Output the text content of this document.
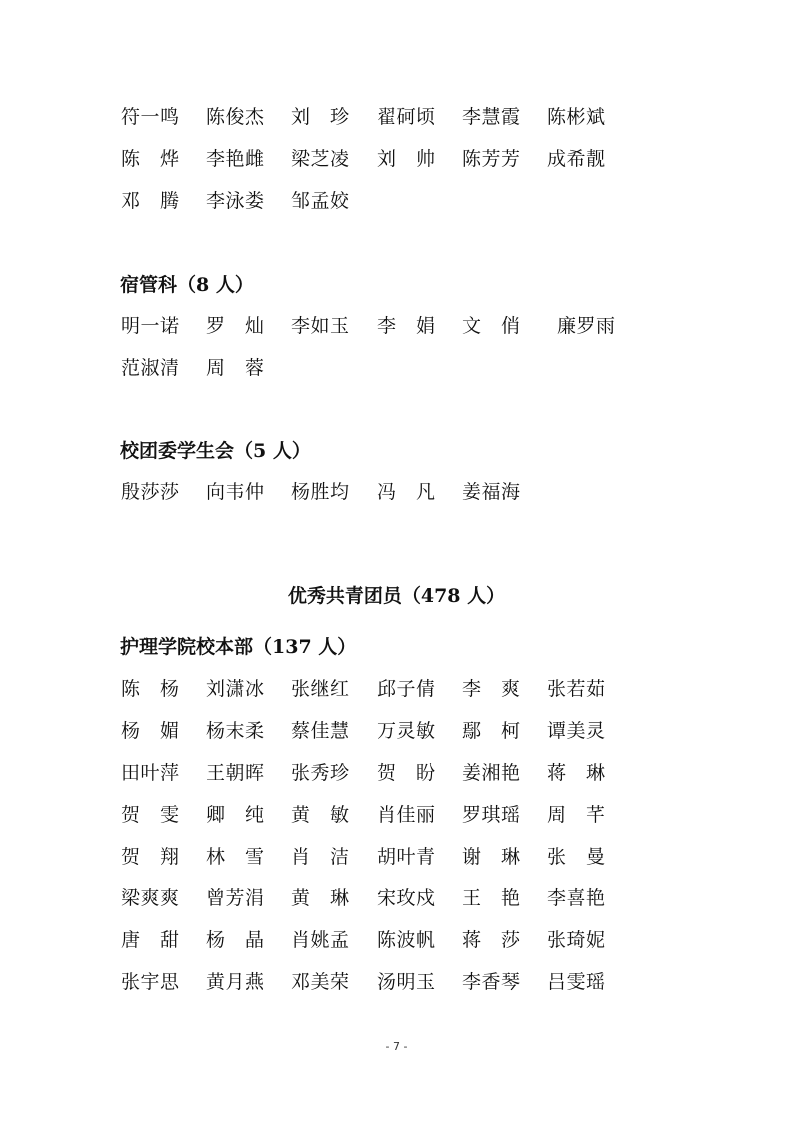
符一鸣 陈俊杰 刘　珍 翟砢顷 李慧霞 陈彬斌
陈　烨 李艳雌 梁芝凌 刘　帅 陈芳芳 成希靓
邓　腾 李泳娄 邹孟姣
宿管科（8 人）
明一诺 罗　灿 李如玉 李　娟 文　俏 廉罗雨
范淑清 周　蓉
校团委学生会（5 人）
殷莎莎 向韦仲 杨胜均 冯　凡 姜福海
优秀共青团员（478 人）
护理学院校本部（137 人）
陈　杨 刘潇冰 张继红 邱子倩 李　爽 张若茹
杨　媚 杨末柔 蔡佳慧 万灵敏 鄢　柯 谭美灵
田叶萍 王朝晖 张秀珍 贺　盼 姜湘艳 蒋　琳
贺　雯 卿　纯 黄　敏 肖佳丽 罗琪瑶 周　芊
贺　翔 林　雪 肖　洁 胡叶青 谢　琳 张　曼
梁爽爽 曾芳涓 黄　琳 宋玫戍 王　艳 李喜艳
唐　甜 杨　晶 肖姚孟 陈波帆 蒋　莎 张琦妮
张宇思 黄月燕 邓美荣 汤明玉 李香琴 吕雯瑶
- 7 -
